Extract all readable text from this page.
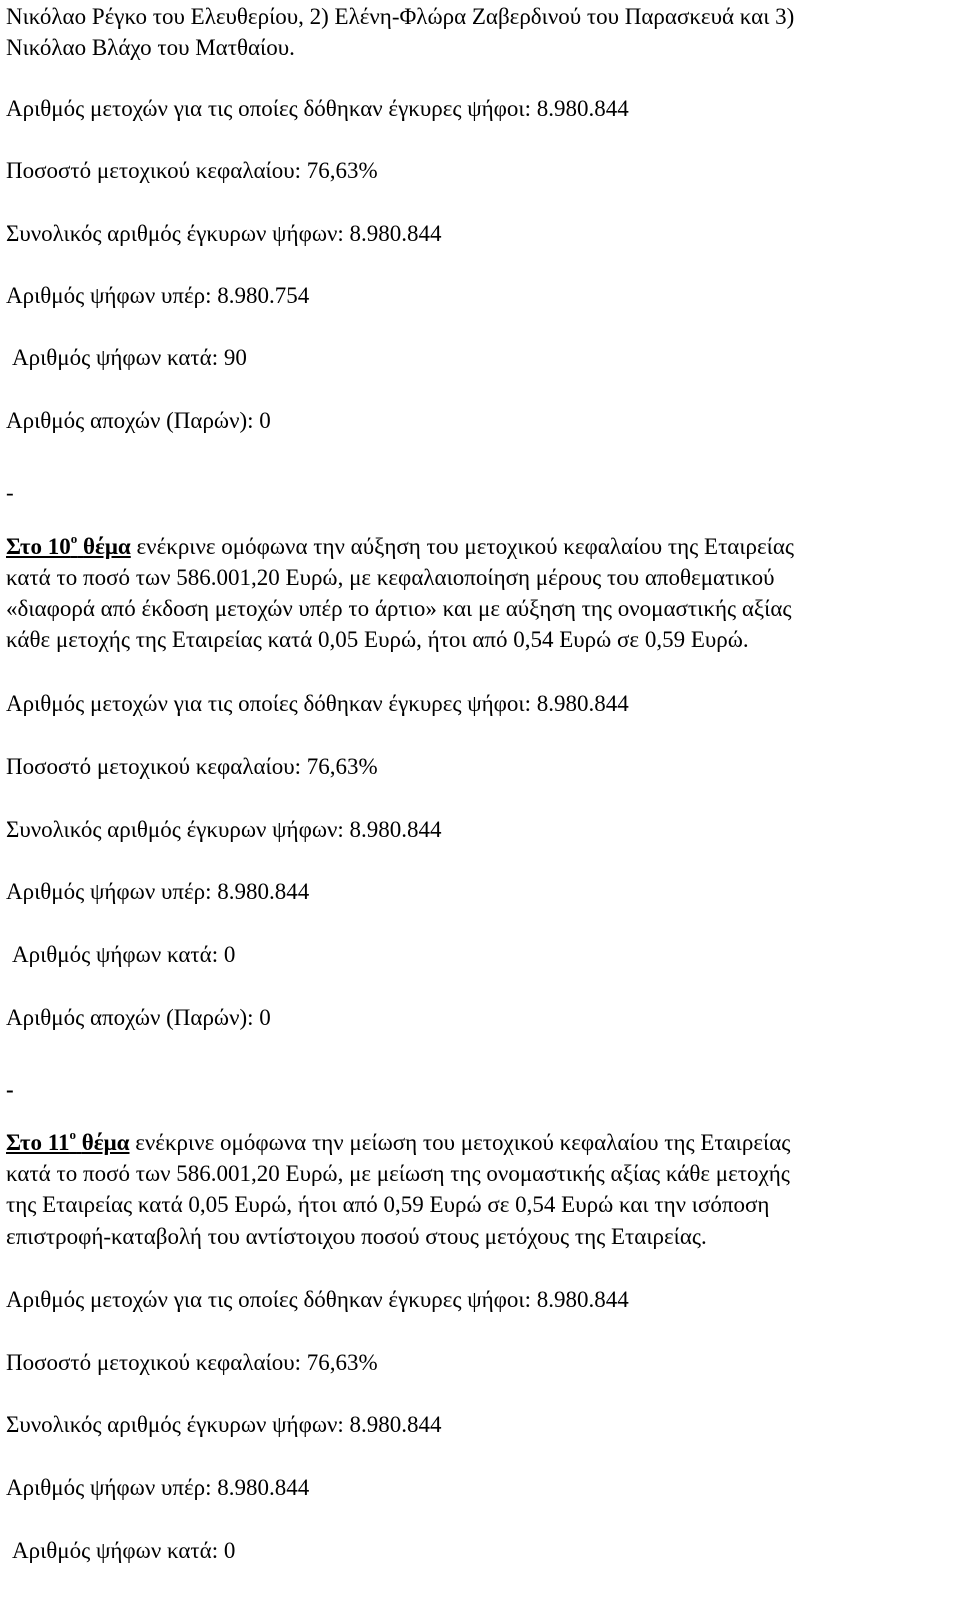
Νικόλαο Ρέγκο του Ελευθερίου, 2) Ελένη-Φλώρα Ζαβερδινού του Παρασκευά και 3)
Νικόλαο Βλάχο του Ματθαίου.
Αριθμός μετοχών για τις οποίες δόθηκαν έγκυρες ψήφοι: 8.980.844
Ποσοστό μετοχικού κεφαλαίου: 76,63%
Συνολικός αριθμός έγκυρων ψήφων: 8.980.844
Αριθμός ψήφων υπέρ: 8.980.754
Αριθμός ψήφων κατά: 90
Αριθμός αποχών (Παρών): 0
-
Στο $10^o$ θέμα ενέκρινε ομόφωνα την αύξηση του μετοχικού κεφαλαίου της Εταιρείας
κατά το ποσό των 586.001,20 Ευρώ, με κεφαλαιοποίηση μέρους του αποθεματικού
«διαφορά από έκδοση μετοχών υπέρ το άρτιο» και με αύξηση της ονομαστικής αξίας
κάθε μετοχής της Εταιρείας κατά 0,05 Ευρώ, ήτοι από 0,54 Ευρώ σε 0,59 Ευρώ.
Αριθμός μετοχών για τις οποίες δόθηκαν έγκυρες ψήφοι: 8.980.844
Ποσοστό μετοχικού κεφαλαίου: 76,63%
Συνολικός αριθμός έγκυρων ψήφων: 8.980.844
Αριθμός ψήφων υπέρ: 8.980.844
Αριθμός ψήφων κατά: 0
Αριθμός αποχών (Παρών): 0
-
Στο $11^o$ θέμα ενέκρινε ομόφωνα την μείωση του μετοχικού κεφαλαίου της Εταιρείας
κατά το ποσό των 586.001,20 Ευρώ, με μείωση της ονομαστικής αξίας κάθε μετοχής
της Εταιρείας κατά 0,05 Ευρώ, ήτοι από 0,59 Ευρώ σε 0,54 Ευρώ και την ισόποση
επιστροφή-καταβολή του αντίστοιχου ποσού στους μετόχους της Εταιρείας.
Αριθμός μετοχών για τις οποίες δόθηκαν έγκυρες ψήφοι: 8.980.844
Ποσοστό μετοχικού κεφαλαίου: 76,63%
Συνολικός αριθμός έγκυρων ψήφων: 8.980.844
Αριθμός ψήφων υπέρ: 8.980.844
Αριθμός ψήφων κατά: 0
